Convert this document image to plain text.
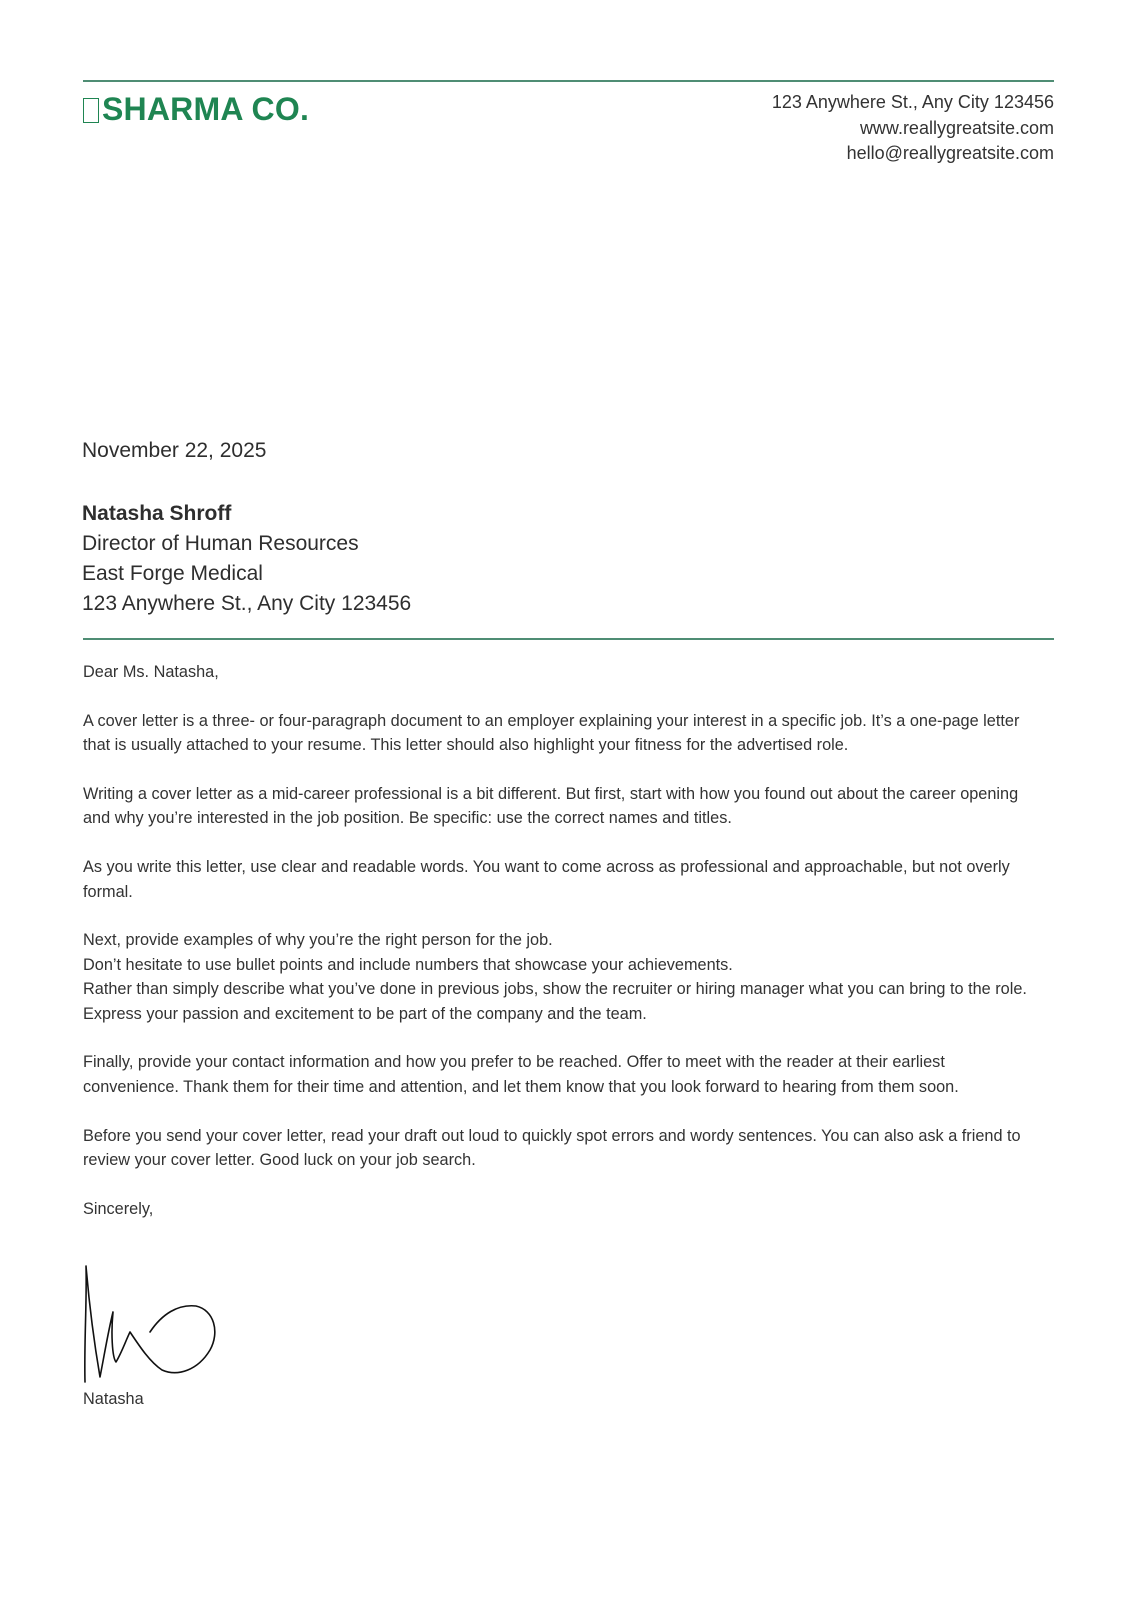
SHARMA CO.	123 Anywhere St., Any City 123456
www.reallygreatsite.com
hello@reallygreatsite.com
November 22, 2025
Natasha Shroff
Director of Human Resources
East Forge Medical
123 Anywhere St., Any City 123456

Dear Ms. Natasha,

A cover letter is a three- or four-paragraph document to an employer explaining your interest in a specific job. It’s a one-page letter that is usually attached to your resume. This letter should also highlight your fitness for the advertised role.

Writing a cover letter as a mid-career professional is a bit different. But first, start with how you found out about the career opening and why you’re interested in the job position. Be specific: use the correct names and titles.

As you write this letter, use clear and readable words. You want to come across as professional and approachable, but not overly formal.

Next, provide examples of why you’re the right person for the job.

Don’t hesitate to use bullet points and include numbers that showcase your achievements.

Rather than simply describe what you’ve done in previous jobs, show the recruiter or hiring manager what you can bring to the role.

Express your passion and excitement to be part of the company and the team.

Finally, provide your contact information and how you prefer to be reached. Offer to meet with the reader at their earliest convenience. Thank them for their time and attention, and let them know that you look forward to hearing from them soon.

Before you send your cover letter, read your draft out loud to quickly spot errors and wordy sentences. You can also ask a friend to review your cover letter. Good luck on your job search.

Sincerely,

Natasha
